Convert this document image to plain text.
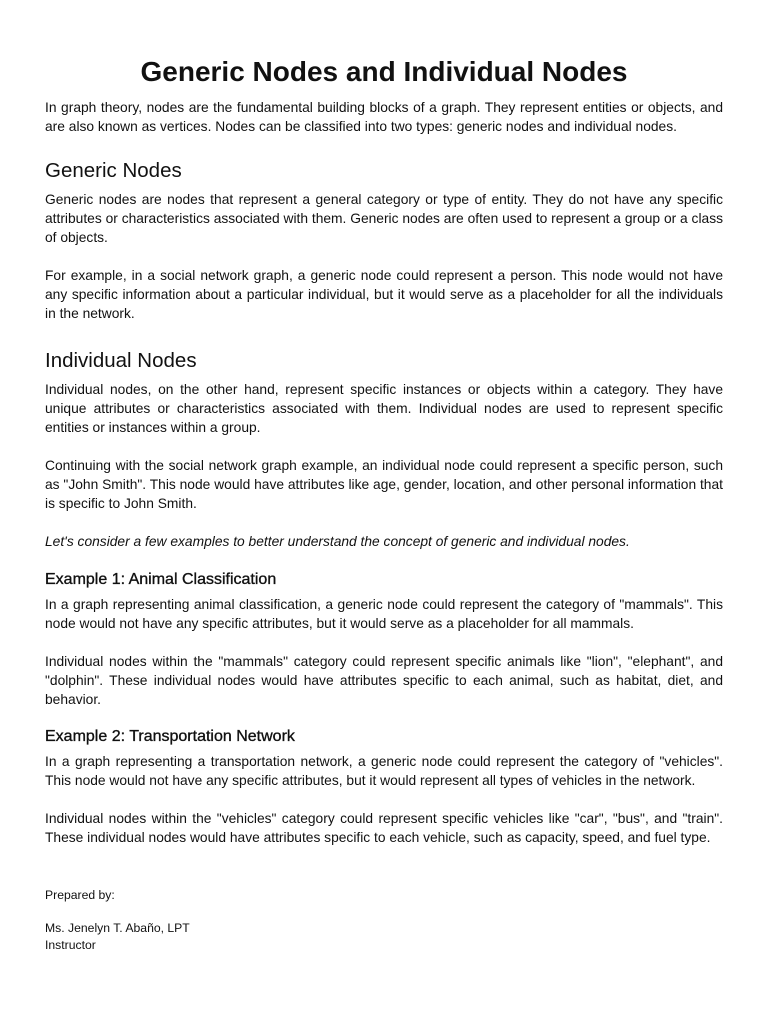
Generic Nodes and Individual Nodes

In graph theory, nodes are the fundamental building blocks of a graph. They represent entities or objects, and are also known as vertices. Nodes can be classified into two types: generic nodes and individual nodes.

Generic Nodes

Generic nodes are nodes that represent a general category or type of entity. They do not have any specific attributes or characteristics associated with them. Generic nodes are often used to represent a group or a class of objects.

For example, in a social network graph, a generic node could represent a person. This node would not have any specific information about a particular individual, but it would serve as a placeholder for all the individuals in the network.

Individual Nodes

Individual nodes, on the other hand, represent specific instances or objects within a category. They have unique attributes or characteristics associated with them. Individual nodes are used to represent specific entities or instances within a group.

Continuing with the social network graph example, an individual node could represent a specific person, such as "John Smith". This node would have attributes like age, gender, location, and other personal information that is specific to John Smith.

Let's consider a few examples to better understand the concept of generic and individual nodes.

Example 1: Animal Classification

In a graph representing animal classification, a generic node could represent the category of "mammals". This node would not have any specific attributes, but it would serve as a placeholder for all mammals.

Individual nodes within the "mammals" category could represent specific animals like "lion", "elephant", and "dolphin". These individual nodes would have attributes specific to each animal, such as habitat, diet, and behavior.

Example 2: Transportation Network

In a graph representing a transportation network, a generic node could represent the category of "vehicles". This node would not have any specific attributes, but it would represent all types of vehicles in the network.

Individual nodes within the "vehicles" category could represent specific vehicles like "car", "bus", and "train". These individual nodes would have attributes specific to each vehicle, such as capacity, speed, and fuel type.

Prepared by:
Ms. Jenelyn T. Abaño, LPT
Instructor
